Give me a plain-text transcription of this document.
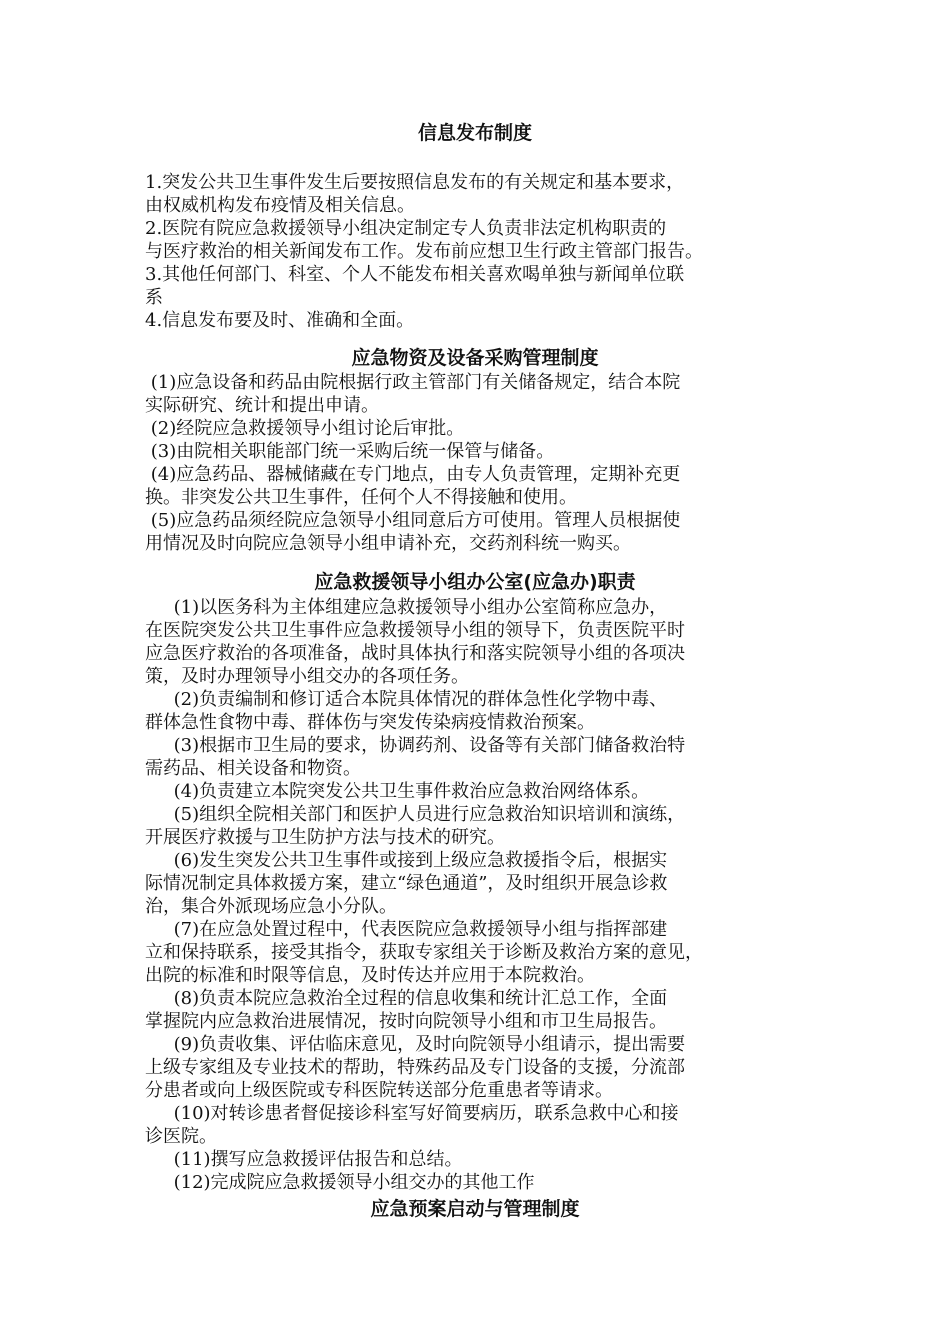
信息发布制度

1.突发公共卫生事件发生后要按照信息发布的有关规定和基本要求，
由权威机构发布疫情及相关信息。

2.医院有院应急救援领导小组决定制定专人负责非法定机构职责的
与医疗救治的相关新闻发布工作。发布前应想卫生行政主管部门报告。

3.其他任何部门、科室、个人不能发布相关喜欢喝单独与新闻单位联
系

4.信息发布要及时、准确和全面。

应急物资及设备采购管理制度

(1)应急设备和药品由院根据行政主管部门有关储备规定，结合本院
实际研究、统计和提出申请。

(2)经院应急救援领导小组讨论后审批。

(3)由院相关职能部门统一采购后统一保管与储备。

(4)应急药品、器械储藏在专门地点，由专人负责管理，定期补充更
换。非突发公共卫生事件，任何个人不得接触和使用。

(5)应急药品须经院应急领导小组同意后方可使用。管理人员根据使
用情况及时向院应急领导小组申请补充，交药剂科统一购买。

应急救援领导小组办公室(应急办)职责

(1)以医务科为主体组建应急救援领导小组办公室简称应急办，
在医院突发公共卫生事件应急救援领导小组的领导下，负责医院平时
应急医疗救治的各项准备，战时具体执行和落实院领导小组的各项决
策，及时办理领导小组交办的各项任务。

(2)负责编制和修订适合本院具体情况的群体急性化学物中毒、
群体急性食物中毒、群体伤与突发传染病疫情救治预案。

(3)根据市卫生局的要求，协调药剂、设备等有关部门储备救治特
需药品、相关设备和物资。

(4)负责建立本院突发公共卫生事件救治应急救治网络体系。

(5)组织全院相关部门和医护人员进行应急救治知识培训和演练，
开展医疗救援与卫生防护方法与技术的研究。

(6)发生突发公共卫生事件或接到上级应急救援指令后，根据实
际情况制定具体救援方案，建立“绿色通道”，及时组织开展急诊救
治，集合外派现场应急小分队。

(7)在应急处置过程中，代表医院应急救援领导小组与指挥部建
立和保持联系，接受其指令，获取专家组关于诊断及救治方案的意见，
出院的标准和时限等信息，及时传达并应用于本院救治。

(8)负责本院应急救治全过程的信息收集和统计汇总工作，全面
掌握院内应急救治进展情况，按时向院领导小组和市卫生局报告。

(9)负责收集、评估临床意见，及时向院领导小组请示，提出需要
上级专家组及专业技术的帮助，特殊药品及专门设备的支援，分流部
分患者或向上级医院或专科医院转送部分危重患者等请求。

(10)对转诊患者督促接诊科室写好简要病历，联系急救中心和接
诊医院。

(11)撰写应急救援评估报告和总结。

(12)完成院应急救援领导小组交办的其他工作

应急预案启动与管理制度
